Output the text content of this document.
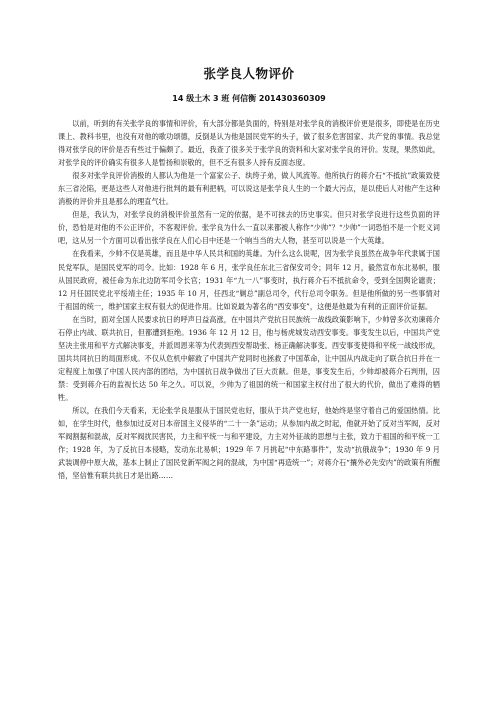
张学良人物评价
14 级土木 3 班 何信衡 201430360309

以前，听到的有关张学良的事情和评价，有大部分都是负面的，特别是对张学良的消极评价更是很多，即使是在历史课上、教科书里，也没有对他的歌功颂德，反倒是认为他是国民党军的头子，做了很多危害国家、共产党的事情。我总觉得对张学良的评价是否有些过于偏颇了。最近，我查了很多关于张学良的资料和大家对张学良的评价。发现，果然如此，对张学良的评价确实有很多人是暂扬和崇敬的，但不乏有很多人持有反面态度。

很多对张学良评价消极的人都认为他是一个富家公子、纨绔子弟，做人风流等。他所执行的蒋介石“不抵抗”政策致使东三省沦陷，更是这些人对他进行批判的最有利把柄，可以说这是张学良人生的一个最大污点，是以使后人对他产生这种消极的评价并且是那么的理直气壮。

但是，我认为，对张学良的消极评价虽然有一定的依据，是不可抹去的历史事实。但只对张学良进行这些负面的评价，恐怕是对他的不公正评价，不客观评价。张学良为什么一直以来都被人称作“少帅”？“少帅”一词恐怕不是一个贬义词吧，这从另一个方面可以看出张学良在人们心目中还是一个响当当的大人物，甚至可以说是一个大英雄。

在我看来，少帅不仅是英雄，而且是中华人民共和国的英雄。为什么这么说呢，因为张学良虽然在战争年代隶属于国民党军队，是国民党军的司令。比如：1928 年 6 月，张学良任东北三省保安司令；同年 12 月，毅然宣布东北易帜，服从国民政府，被任命为东北边防军司令长官；1931 年“九一八”事变时，执行蒋介石不抵抗命令，受到全国舆论谴责；12 月任国民党北平绥靖主任；1935 年 10 月，任西北“剿总”副总司令，代行总司令职务。但是他所做的另一些事情对于祖国的统一，维护国家主权有很大的促进作用。比如说最为著名的“西安事变”，这便是他最为有利的正面评价证据。

在当时，面对全国人民要求抗日的呼声日益高涨，在中国共产党抗日民族统一战线政策影响下，少帅曾多次劝谏蒋介石停止内战、联共抗日，但都遭到拒绝。1936 年 12 月 12 日，他与杨虎城发动西安事变。事变发生以后，中国共产党坚决主张用和平方式解决事变，并派周恩来等为代表到西安帮助张、杨正确解决事变。西安事变使得和平统一战线形成，国共共同抗日的局面形成。不仅从危机中解救了中国共产党同时也拯救了中国革命，让中国从内战走向了联合抗日并在一定程度上加强了中国人民内部的团结，为中国抗日战争做出了巨大贡献。但是，事变发生后，少帅却被蒋介石判刑，囚禁：受到蒋介石的监视长达 50 年之久。可以说，少帅为了祖国的统一和国家主权付出了很大的代价，做出了难得的牺牲。

所以，在我们今天看来，无论张学良是服从于国民党也好，服从于共产党也好，他始终是坚守着自己的爱国热情。比如，在学生时代，他参加过反对日本帝国主义侵华的“二十一条”运动；从参加内战之时起，他就开始了反对当军阀，反对军阀割据和混战，反对军阀扰民害民，力主和平统一与和平建设，力主对外征战的思想与主张，致力于祖国的和平统一工作；1928 年，为了反抗日本侵略，发动东北易帜；1929 年 7 月挑起“中东路事件”，发动“抗俄战争”；1930 年 9 月武装调停中原大战，基本上制止了国民党新军阀之间的混战，为中国“再造统一”；对蒋介石“攘外必先安内”的政策有所醒悟，坚信惟有联共抗日才是出路……
